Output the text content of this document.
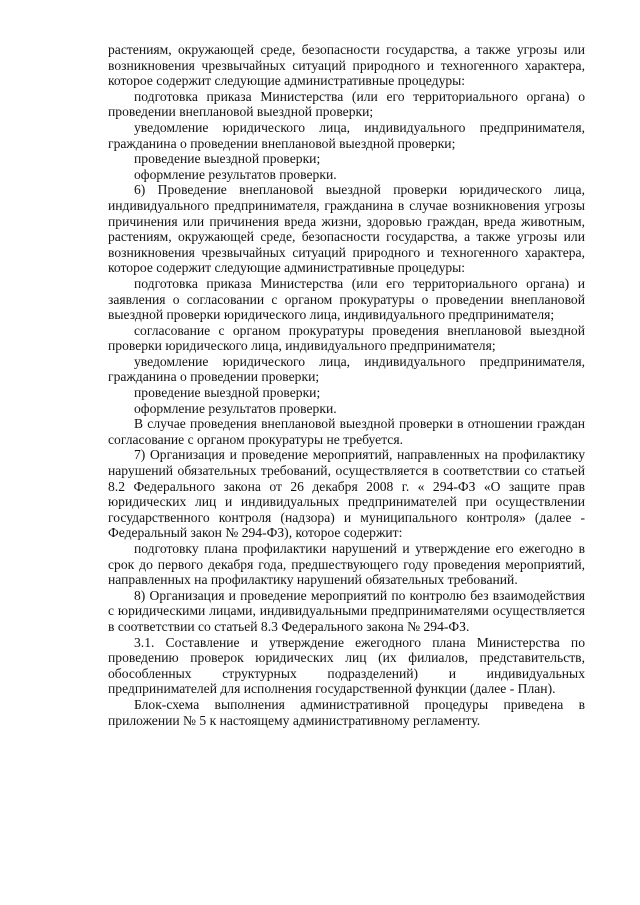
растениям, окружающей среде, безопасности государства, а также угрозы или возникновения чрезвычайных ситуаций природного и техногенного характера, которое содержит следующие административные процедуры:

подготовка приказа Министерства (или его территориального органа) о проведении внеплановой выездной проверки;

уведомление юридического лица, индивидуального предпринимателя, гражданина о проведении внеплановой выездной проверки;

проведение выездной проверки;

оформление результатов проверки.

6) Проведение внеплановой выездной проверки юридического лица, индивидуального предпринимателя, гражданина в случае возникновения угрозы причинения или причинения вреда жизни, здоровью граждан, вреда животным, растениям, окружающей среде, безопасности государства, а также угрозы или возникновения чрезвычайных ситуаций природного и техногенного характера, которое содержит следующие административные процедуры:

подготовка приказа Министерства (или его территориального органа) и заявления о согласовании с органом прокуратуры о проведении внеплановой выездной проверки юридического лица, индивидуального предпринимателя;

согласование с органом прокуратуры проведения внеплановой выездной проверки юридического лица, индивидуального предпринимателя;

уведомление юридического лица, индивидуального предпринимателя, гражданина о проведении проверки;

проведение выездной проверки;

оформление результатов проверки.

В случае проведения внеплановой выездной проверки в отношении граждан согласование с органом прокуратуры не требуется.

7) Организация и проведение мероприятий, направленных на профилактику нарушений обязательных требований, осуществляется в соответствии со статьей 8.2 Федерального закона от 26 декабря 2008 г. « 294-ФЗ «О защите прав юридических лиц и индивидуальных предпринимателей при осуществлении государственного контроля (надзора) и муниципального контроля» (далее - Федеральный закон № 294-ФЗ), которое содержит:

подготовку плана профилактики нарушений и утверждение его ежегодно в срок до первого декабря года, предшествующего году проведения мероприятий, направленных на профилактику нарушений обязательных требований.

8) Организация и проведение мероприятий по контролю без взаимодействия с юридическими лицами, индивидуальными предпринимателями осуществляется в соответствии со статьей 8.3 Федерального закона № 294-ФЗ.

3.1. Составление и утверждение ежегодного плана Министерства по проведению проверок юридических лиц (их филиалов, представительств, обособленных структурных подразделений) и индивидуальных предпринимателей для исполнения государственной функции (далее - План).

Блок-схема выполнения административной процедуры приведена в приложении № 5 к настоящему административному регламенту.
